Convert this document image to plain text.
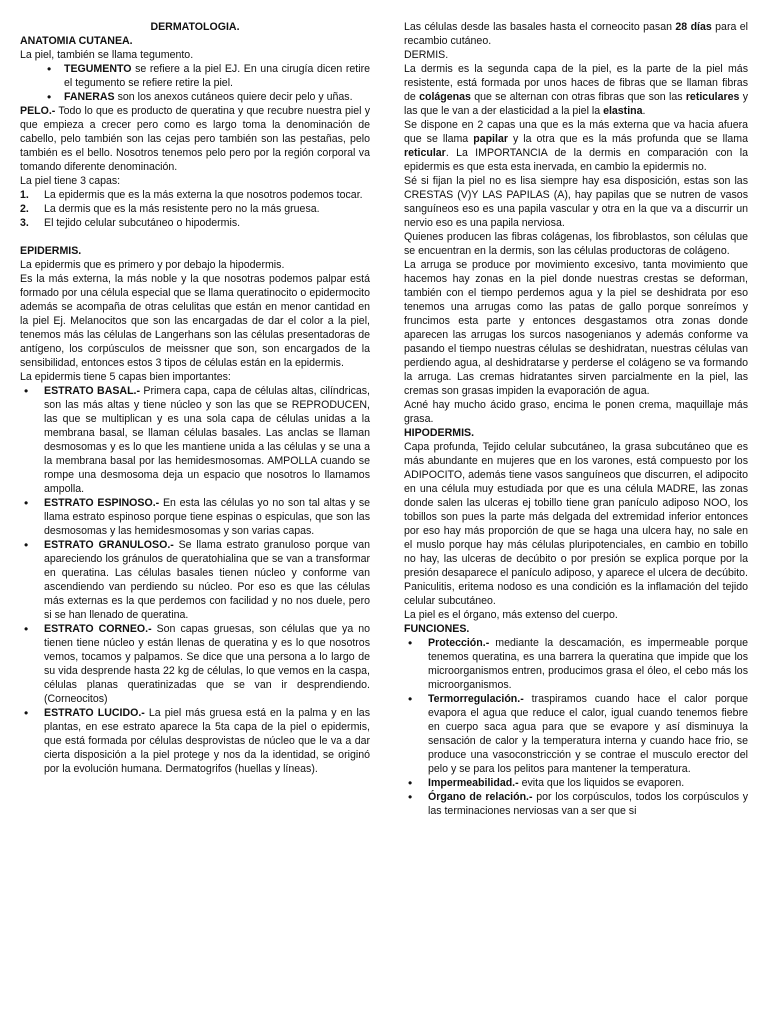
DERMATOLOGIA.

ANATOMIA CUTANEA.

La piel, también se llama tegumento.

• TEGUMENTO se refiere a la piel EJ. En una cirugía dicen retire el tegumento se refiere retire la piel.
• FANERAS son los anexos cutáneos quiere decir pelo y uñas.

PELO.- Todo lo que es producto de queratina y que recubre nuestra piel y que empieza a crecer pero como es largo toma la denominación de cabello, pelo también son las cejas pero también son las pestañas, pelo también es el bello. Nosotros tenemos pelo pero por la región corporal va tomando diferente denominación.

La piel tiene 3 capas:

1. La epidermis que es la más externa la que nosotros podemos tocar.
2. La dermis que es la más resistente pero no la más gruesa.
3. El tejido celular subcutáneo o hipodermis.

EPIDERMIS.

La epidermis que es primero y por debajo la hipodermis.

Es la más externa, la más noble y la que nosotras podemos palpar está formado por una célula especial que se llama queratinocito o epidermocito además se acompaña de otras celulitas que están en menor cantidad en la piel Ej. Melanocitos que son las encargadas de dar el color a la piel, tenemos más las células de Langerhans son las células presentadoras de antígeno, los corpúsculos de meissner que son, son encargados de la sensibilidad, entonces estos 3 tipos de células están en la epidermis.

La epidermis tiene 5 capas bien importantes:

• ESTRATO BASAL.- Primera capa, capa de células altas, cilíndricas, son las más altas y tiene núcleo y son las que se REPRODUCEN, las que se multiplican y es una sola capa de células unidas a la membrana basal, se llaman células basales. Las anclas se llaman desmosomas y es lo que les mantiene unida a las células y se una a la membrana basal por las hemidesmosomas. AMPOLLA cuando se rompe una desmosoma deja un espacio que nosotros lo llamamos ampolla.
• ESTRATO ESPINOSO.- En esta las células yo no son tal altas y se llama estrato espinoso porque tiene espinas o espiculas, que son las desmosomas y las hemidesmosomas y son varias capas.
• ESTRATO GRANULOSO.- Se llama estrato granuloso porque van apareciendo los gránulos de queratohialina que se van a transformar en queratina. Las células basales tienen núcleo y conforme van ascendiendo van perdiendo su núcleo. Por eso es que las células más externas es la que perdemos con facilidad y no nos duele, pero si se han llenado de queratina.
• ESTRATO CORNEO.- Son capas gruesas, son células que ya no tienen tiene núcleo y están llenas de queratina y es lo que nosotros vemos, tocamos y palpamos. Se dice que una persona a lo largo de su vida desprende hasta 22 kg de células, lo que vemos en la caspa, células planas queratinizadas que se van ir desprendiendo. (Corneocitos)
• ESTRATO LUCIDO.- La piel más gruesa está en la palma y en las plantas, en ese estrato aparece la 5ta capa de la piel o epidermis, que está formada por células desprovistas de núcleo que le va a dar cierta disposición a la piel protege y nos da la identidad, se originó por la evolución humana. Dermatogrifos (huellas y líneas).

Las células desde las basales hasta el corneocito pasan 28 días para el recambio cutáneo.

DERMIS.

La dermis es la segunda capa de la piel, es la parte de la piel más resistente, está formada por unos haces de fibras que se llaman fibras de colágenas que se alternan con otras fibras que son las reticulares y las que le van a der elasticidad a la piel la elastina.

Se dispone en 2 capas una que es la más externa que va hacia afuera que se llama papilar y la otra que es la más profunda que se llama reticular. La IMPORTANCIA de la dermis en comparación con la epidermis es que esta esta inervada, en cambio la epidermis no.

Sé si fijan la piel no es lisa siempre hay esa disposición, estas son las CRESTAS (V)Y LAS PAPILAS (A), hay papilas que se nutren de vasos sanguíneos eso es una papila vascular y otra en la que va a discurrir un nervio eso es una papila nerviosa.

Quienes producen las fibras colágenas, los fibroblastos, son células que se encuentran en la dermis, son las células productoras de colágeno.

La arruga se produce por movimiento excesivo, tanta movimiento que hacemos hay zonas en la piel donde nuestras crestas se deforman, también con el tiempo perdemos agua y la piel se deshidrata por eso tenemos una arrugas como las patas de gallo porque sonreímos y fruncimos esta parte y entonces desgastamos otra zonas donde aparecen las arrugas los surcos nasogenianos y además conforme va pasando el tiempo nuestras células se deshidratan, nuestras células van perdiendo agua, al deshidratarse y perderse el colágeno se va formando la arruga. Las cremas hidratantes sirven parcialmente en la piel, las cremas son grasas impiden la evaporación de agua.

Acné hay mucho ácido graso, encima le ponen crema, maquillaje más grasa.

HIPODERMIS.

Capa profunda, Tejido celular subcutáneo, la grasa subcutáneo que es más abundante en mujeres que en los varones, está compuesto por los ADIPOCITO, además tiene vasos sanguíneos que discurren, el adipocito en una célula muy estudiada por que es una célula MADRE, las zonas donde salen las ulceras ej tobillo tiene gran panículo adiposo NOO, los tobillos son pues la parte más delgada del extremidad inferior entonces por eso hay más proporción de que se haga una ulcera hay, no sale en el muslo porque hay más células pluripotenciales, en cambio en tobillo no hay, las ulceras de decúbito o por presión se explica porque por la presión desaparece el panículo adiposo, y aparece el ulcera de decúbito. Paniculitis, eritema nodoso es una condición es la inflamación del tejido celular subcutáneo.

La piel es el órgano, más extenso del cuerpo.

FUNCIONES.

• Protección.- mediante la descamación, es impermeable porque tenemos queratina, es una barrera la queratina que impide que los microorganismos entren, producimos grasa el óleo, el cebo más los microorganismos.
• Termorregulación.- traspiramos cuando hace el calor porque evapora el agua que reduce el calor, igual cuando tenemos fiebre en cuerpo saca agua para que se evapore y así disminuya la sensación de calor y la temperatura interna y cuando hace frio, se produce una vasoconstricción y se contrae el musculo erector del pelo y se para los pelitos para mantener la temperatura.
• Impermeabilidad.- evita que los liquidos se evaporen.
• Órgano de relación.- por los corpúsculos, todos los corpúsculos y las terminaciones nerviosas van a ser que si
